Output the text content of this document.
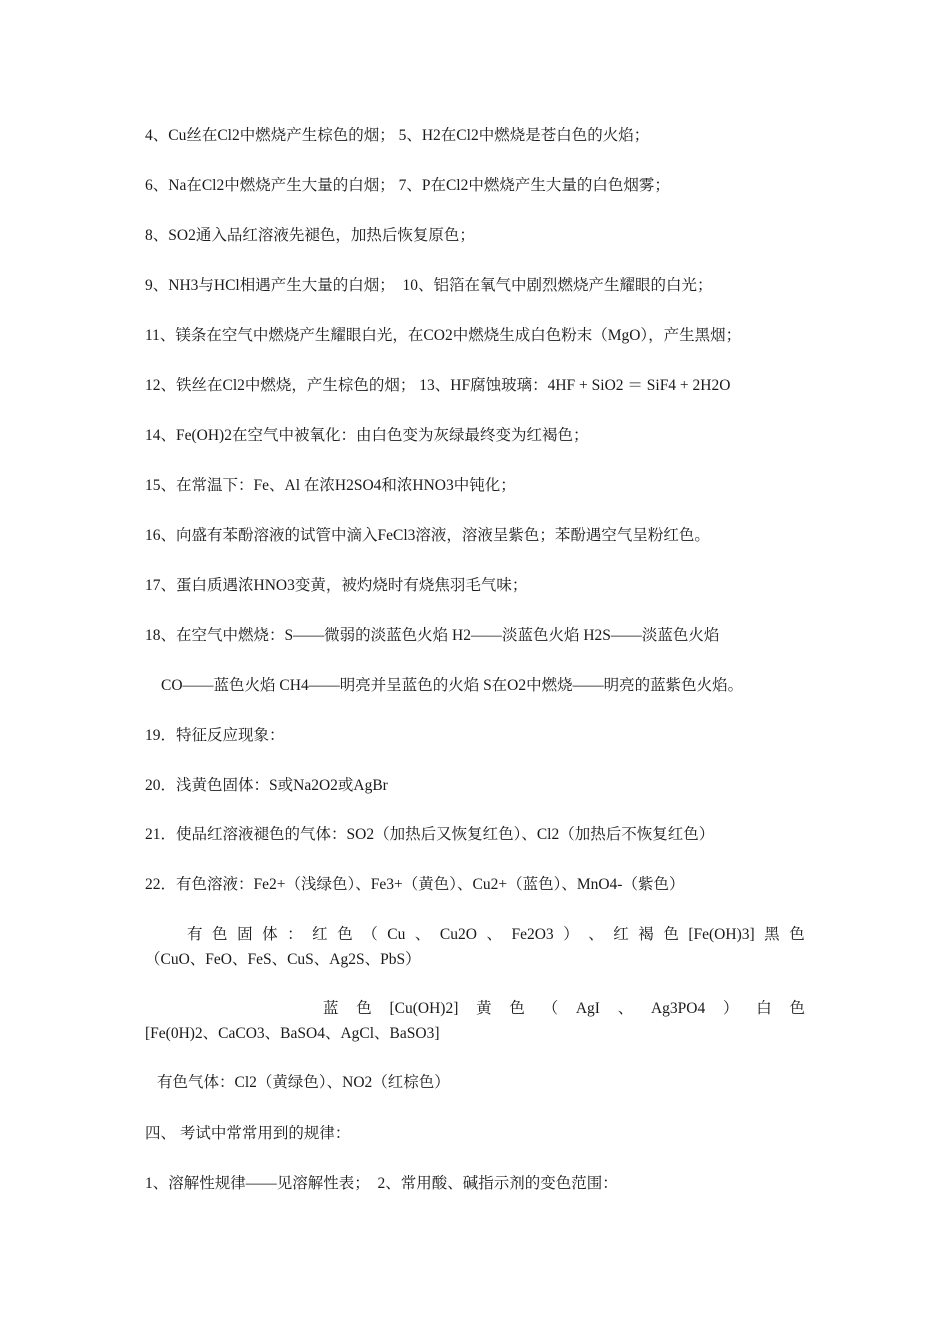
4、Cu丝在Cl2中燃烧产生棕色的烟； 5、H2在Cl2中燃烧是苍白色的火焰；
6、Na在Cl2中燃烧产生大量的白烟； 7、P在Cl2中燃烧产生大量的白色烟雾；
8、SO2通入品红溶液先褪色，加热后恢复原色；
9、NH3与HCl相遇产生大量的白烟；　10、铝箔在氧气中剧烈燃烧产生耀眼的白光；
11、镁条在空气中燃烧产生耀眼白光，在CO2中燃烧生成白色粉末（MgO），产生黑烟；
12、铁丝在Cl2中燃烧，产生棕色的烟； 13、HF腐蚀玻璃：4HF + SiO2 ＝ SiF4 + 2H2O
14、Fe(OH)2在空气中被氧化：由白色变为灰绿最终变为红褐色；
15、在常温下：Fe、Al 在浓H2SO4和浓HNO3中钝化；
16、向盛有苯酚溶液的试管中滴入FeCl3溶液，溶液呈紫色；苯酚遇空气呈粉红色。
17、蛋白质遇浓HNO3变黄，被灼烧时有烧焦羽毛气味；
18、在空气中燃烧：S——微弱的淡蓝色火焰 H2——淡蓝色火焰 H2S——淡蓝色火焰
CO——蓝色火焰 CH4——明亮并呈蓝色的火焰 S在O2中燃烧——明亮的蓝紫色火焰。
19．特征反应现象：
20．浅黄色固体：S或Na2O2或AgBr
21．使品红溶液褪色的气体：SO2（加热后又恢复红色）、Cl2（加热后不恢复红色）
22．有色溶液：Fe2+（浅绿色）、Fe3+（黄色）、Cu2+（蓝色）、MnO4-（紫色）
有 色 固 体 ： 红 色 （ Cu 、 Cu2O 、 Fe2O3 ） 、 红 褐 色 [Fe(OH)3] 黑 色
（CuO、FeO、FeS、CuS、Ag2S、PbS）
蓝 色 [Cu(OH)2] 黄 色 （ AgI 、 Ag3PO4 ） 白 色
[Fe(0H)2、CaCO3、BaSO4、AgCl、BaSO3]
有色气体：Cl2（黄绿色）、NO2（红棕色）
四、 考试中常常用到的规律：
1、溶解性规律——见溶解性表；　2、常用酸、碱指示剂的变色范围：
